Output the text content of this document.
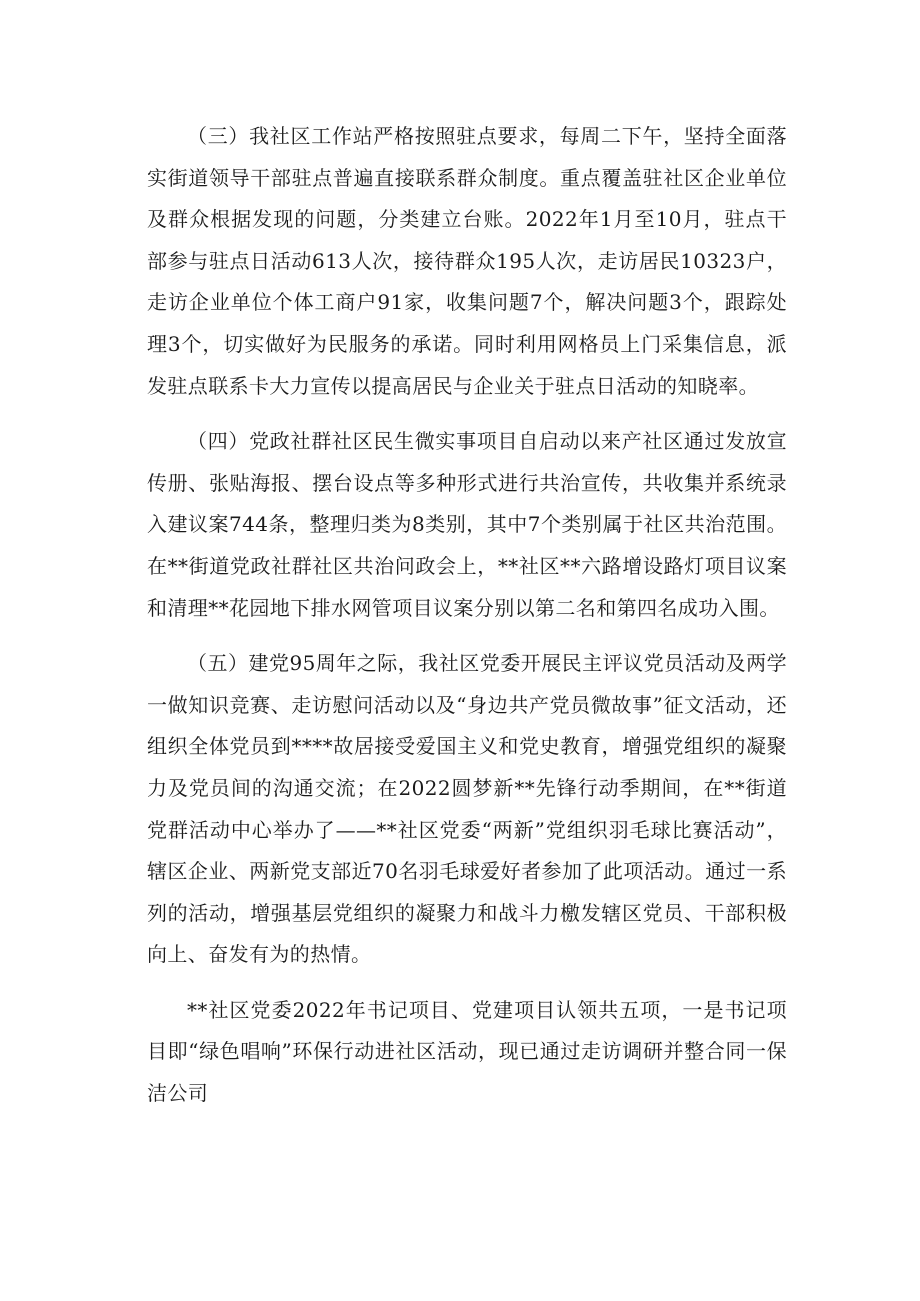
（三）我社区工作站严格按照驻点要求，每周二下午，坚持全面落实街道领导干部驻点普遍直接联系群众制度。重点覆盖驻社区企业单位及群众根据发现的问题，分类建立台账。2022年1月至10月，驻点干部参与驻点日活动613人次，接待群众195人次，走访居民10323户，走访企业单位个体工商户91家，收集问题7个，解决问题3个，跟踪处理3个，切实做好为民服务的承诺。同时利用网格员上门采集信息，派发驻点联系卡大力宣传以提高居民与企业关于驻点日活动的知晓率。

（四）党政社群社区民生微实事项目自启动以来产社区通过发放宣传册、张贴海报、摆台设点等多种形式进行共治宣传，共收集并系统录入建议案744条，整理归类为8类别，其中7个类别属于社区共治范围。在**街道党政社群社区共治问政会上，**社区**六路增设路灯项目议案和清理**花园地下排水网管项目议案分别以第二名和第四名成功入围。

（五）建党95周年之际，我社区党委开展民主评议党员活动及两学一做知识竞赛、走访慰问活动以及“身边共产党员微故事”征文活动，还组织全体党员到****故居接受爱国主义和党史教育，增强党组织的凝聚力及党员间的沟通交流；在2022圆梦新**先锋行动季期间，在**街道党群活动中心举办了——**社区党委“两新”党组织羽毛球比赛活动”，辖区企业、两新党支部近70名羽毛球爱好者参加了此项活动。通过一系列的活动，增强基层党组织的凝聚力和战斗力檄发辖区党员、干部积极向上、奋发有为的热情。

**社区党委2022年书记项目、党建项目认领共五项，一是书记项目即“绿色唱响”环保行动进社区活动，现已通过走访调研并整合同一保洁公司
